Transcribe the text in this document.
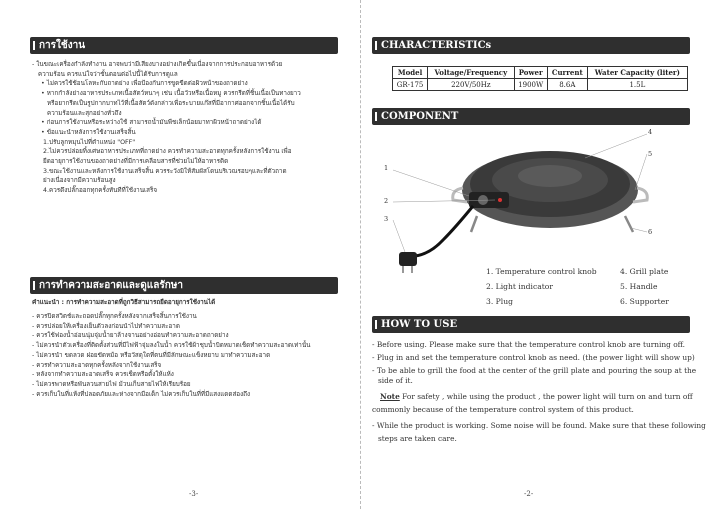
การใช้งาน
- ในขณะเครื่องกำลังทำงาน อาจพบว่ามีเสียงบางอย่างเกิดขึ้นเนื่องจากการประกอบอาหารด้วย
ความร้อน ควรแน่ใจว่าขั้นตอนต่อไปนี้ได้รับการดูแล
• ไม่ควรใช้ช้อนโลหะกับถาดย่าง เพื่อป้องกันการขูดขีดต่อผิวหน้าของถาดย่าง
• หากกำลังย่างอาหารประเภทเนื้อสัตว์หนาๆ เช่น เนื้อวัวหรือเนื้อหมู ควรกรีดที่ชิ้นเนื้อเป็นทางยาว
หรือยากรีดเป็นรูปกากบาทไว้ที่เนื้อสัตว์ดังกล่าวเพื่อระบายแก๊สที่มีอากาศออกจากชิ้นเนื้อได้รับ
ความร้อนและสุกอย่างทั่วถึง
• ก่อนการใช้งานหรือระหว่างใช้ สามารถน้ำมันพืชเล็กน้อยมาทาผิวหน้าถาดย่างได้
• ข้อแนะนำหลังการใช้งานเสร็จสิ้น
1.ปรับลูกหมุนไปที่ตำแหน่ง "OFF"
2.ไม่ควรปล่อยทิ้งเศษอาหารประเภทที่ถาดย่าง ควรทำความสะอาดทุกครั้งหลังการใช้งาน เพื่อ
ยืดอายุการใช้งานของถาดย่างที่มีการเคลือบสารที่ช่วยไม่ให้อาหารติด
3.ขณะใช้งานและหลังการใช้งานเสร็จสิ้น ควรระวังมิให้สัมผัสโดนบริเวณรอบๆและที่ตัวถาด
ย่างเนื่องจากมีความร้อนสูง
4.ควรดึงปลั๊กออกทุกครั้งทันทีที่ใช้งานเสร็จ
การทำความสะอาดและดูแลรักษา
คำแนะนำ : การทำความสะอาดที่ถูกวิธีสามารถยืดอายุการใช้งานได้
- ควรปิดสวิตช์และถอดปลั๊กทุกครั้งหลังจากเสร็จสิ้นการใช้งาน
- ควรปล่อยให้เครื่องเย็นตัวลงก่อนนำไปทำความสะอาด
- ควรใช้ฟองน้ำอ่อนนุ่มจุ่มน้ำยาล้างจานอย่างอ่อนทำความสะอาดถาดย่าง
- ไม่ควรนำตัวเครื่องที่ติดตั้งส่วนที่มีไฟฟ้าจุ่มลงในน้ำ ควรใช้ผ้าชุบน้ำบิดหมาดเช็ดทำความสะอาดเท่านั้น
- ไม่ควรนำ ขดลวด ฝอยขัดหม้อ หรือวัสดุใดที่ตนที่มีลักษณะแข็งหยาบ มาทำความสะอาด
- ควรทำความสะอาดทุกครั้งหลังจากใช้งานเสร็จ
- หลังจากทำความสะอาดเสร็จ ควรเช็ดหรือตั้งให้แห้ง
- ไม่ควรพาดหรือพันลวนสายไฟ ม้วนเก็บสายไฟให้เรียบร้อย
- ควรเก็บในที่แห้งที่ปลอดภัยและห่างจากมือเด็ก ไม่ควรเก็บในที่ที่มีแสงแดดส่องถึง
-3-
CHARACTERISTICs
Model	Voltage/Frequency	Power	Current	Water Capacity (liter)
GR-175	220V/50Hz	1900W	8.6A	1.5L
COMPONENT
1
2
3
4
5
6
1. Temperature control knob
2. Light indicator
3. Plug
4. Grill plate
5. Handle
6. Supporter
HOW TO USE
- Before using. Please make sure that the temperature control knob are turning off.
- Plug in and set the temperature control knob as need. (the power light will show up)
- To be able to grill the food at the center of the grill plate and pouring the soup at the
side of it.
Note For safety , while using the product , the power light will turn on and turn off
commonly because of the temperature control system of this product.
- While the product is working. Some noise will be found. Make sure that these following
steps are taken care.
-2-
